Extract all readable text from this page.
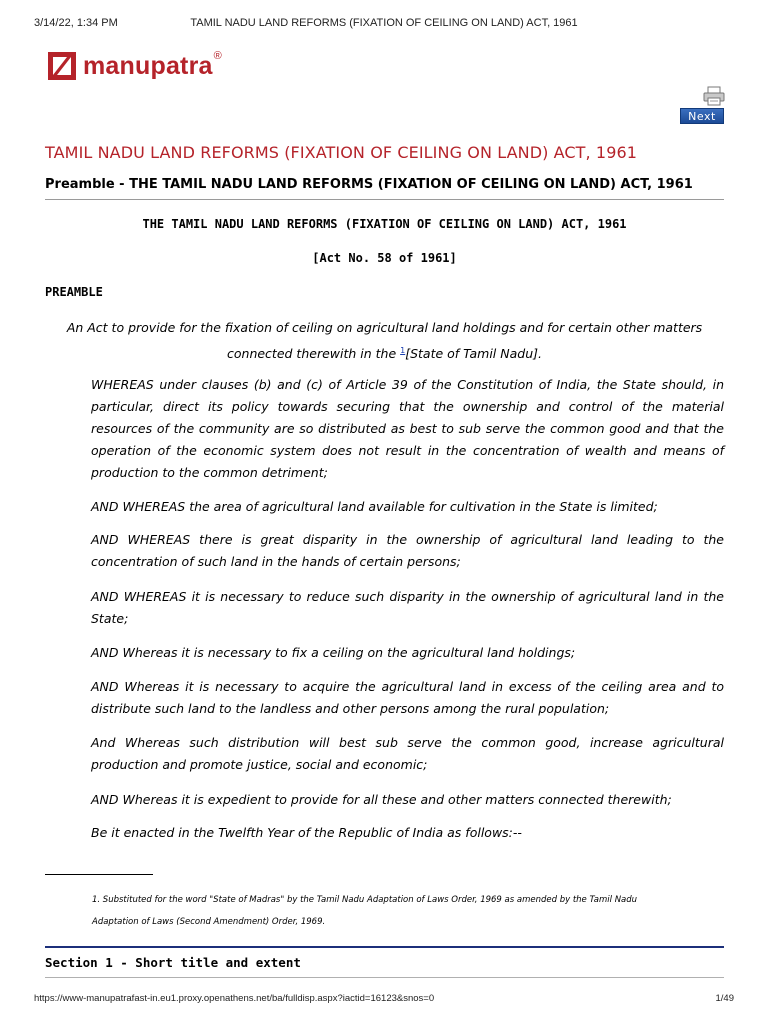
3/14/22, 1:34 PM	TAMIL NADU LAND REFORMS (FIXATION OF CEILING ON LAND) ACT, 1961
manupatra ®
Next
TAMIL NADU LAND REFORMS (FIXATION OF CEILING ON LAND) ACT, 1961
Preamble - THE TAMIL NADU LAND REFORMS (FIXATION OF CEILING ON LAND) ACT, 1961
THE TAMIL NADU LAND REFORMS (FIXATION OF CEILING ON LAND) ACT, 1961
[Act No. 58 of 1961]
PREAMBLE
An Act to provide for the fixation of ceiling on agricultural land holdings and for certain other matters
connected therewith in the $^1$[State of Tamil Nadu].
WHEREAS under clauses (b) and (c) of Article 39 of the Constitution of India, the State should, in particular, direct its policy towards securing that the ownership and control of the material resources of the community are so distributed as best to sub serve the common good and that the operation of the economic system does not result in the concentration of wealth and means of production to the common detriment;
AND WHEREAS the area of agricultural land available for cultivation in the State is limited;
AND WHEREAS there is great disparity in the ownership of agricultural land leading to the concentration of such land in the hands of certain persons;
AND WHEREAS it is necessary to reduce such disparity in the ownership of agricultural land in the State;
AND Whereas it is necessary to fix a ceiling on the agricultural land holdings;
AND Whereas it is necessary to acquire the agricultural land in excess of the ceiling area and to distribute such land to the landless and other persons among the rural population;
And Whereas such distribution will best sub serve the common good, increase agricultural production and promote justice, social and economic;
AND Whereas it is expedient to provide for all these and other matters connected therewith;
Be it enacted in the Twelfth Year of the Republic of India as follows:--
1. Substituted for the word "State of Madras" by the Tamil Nadu Adaptation of Laws Order, 1969 as amended by the Tamil Nadu
Adaptation of Laws (Second Amendment) Order, 1969.
Section 1 - Short title and extent
https://www-manupatrafast-in.eu1.proxy.openathens.net/ba/fulldisp.aspx?iactid=16123&snos=0	1/49
